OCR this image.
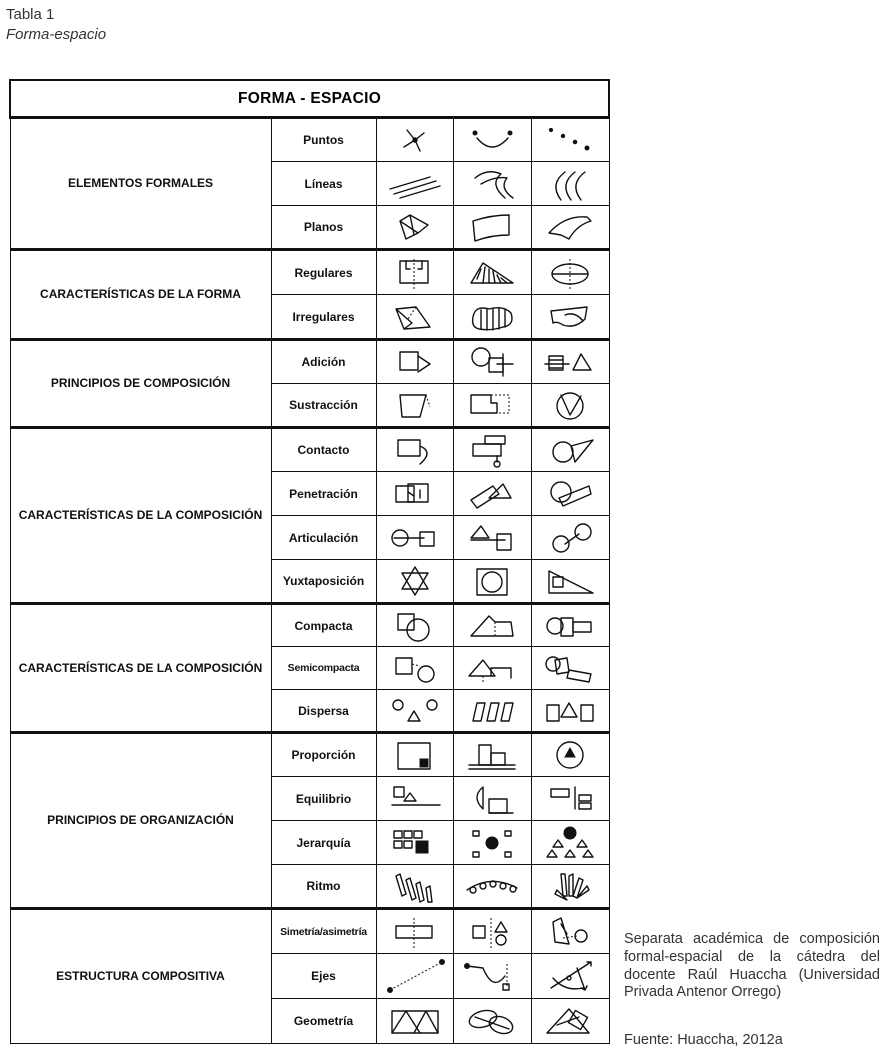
Tabla 1
Forma-espacio
FORMA - ESPACIO				
ELEMENTOS FORMALES	Puntos	

	Líneas	

	Planos	

CARACTERÍSTICAS DE LA FORMA	Regulares	

	Irregulares	

PRINCIPIOS DE COMPOSICIÓN	Adición	

	Sustracción	

CARACTERÍSTICAS DE LA COMPOSICIÓN	Contacto	

	Penetración	

	Articulación	

	Yuxtaposición	

CARACTERÍSTICAS DE LA COMPOSICIÓN	Compacta	

	Semicompacta	

	Dispersa	

PRINCIPIOS DE ORGANIZACIÓN	Proporción	

	Equilibrio	

	Jerarquía	

	Ritmo	

ESTRUCTURA COMPOSITIVA	Simetría/asimetría	

	Ejes	

	Geometría	

Separata académica de composición formal-espacial de la cátedra del docente Raúl Huaccha (Universidad Privada Antenor Orrego)
Fuente: Huaccha, 2012a
